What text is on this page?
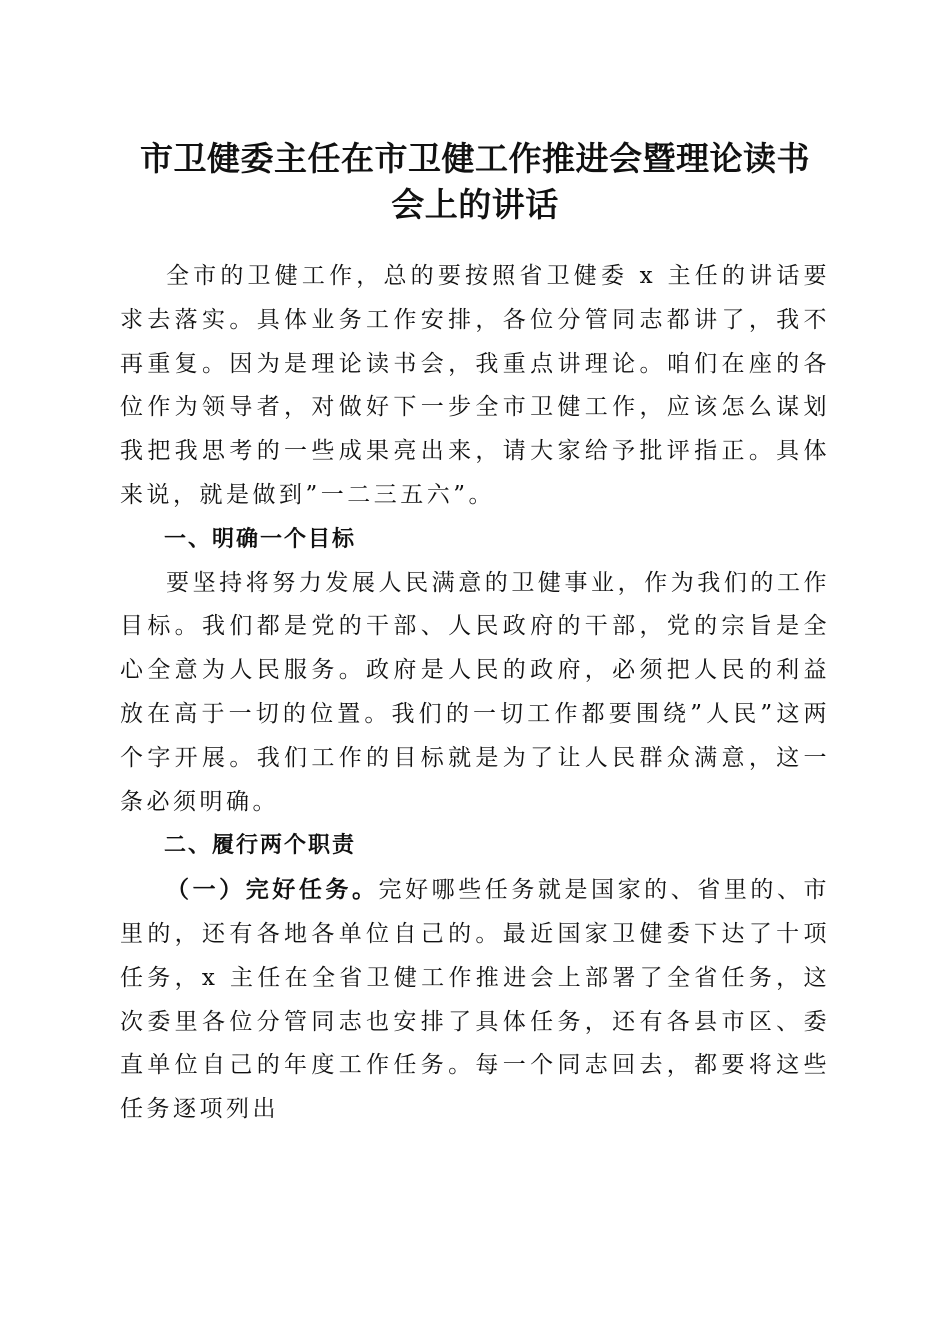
市卫健委主任在市卫健工作推进会暨理论读书
会上的讲话

全市的卫健工作，总的要按照省卫健委 x 主任的讲话要求去落实。具体业务工作安排，各位分管同志都讲了，我不再重复。因为是理论读书会，我重点讲理论。咱们在座的各位作为领导者，对做好下一步全市卫健工作，应该怎么谋划我把我思考的一些成果亮出来，请大家给予批评指正。具体来说，就是做到”一二三五六”。

一、明确一个目标

要坚持将努力发展人民满意的卫健事业，作为我们的工作目标。我们都是党的干部、人民政府的干部，党的宗旨是全心全意为人民服务。政府是人民的政府，必须把人民的利益放在高于一切的位置。我们的一切工作都要围绕”人民”这两个字开展。我们工作的目标就是为了让人民群众满意，这一条必须明确。

二、履行两个职责

（一）完好任务。完好哪些任务就是国家的、省里的、市里的，还有各地各单位自己的。最近国家卫健委下达了十项任务，x 主任在全省卫健工作推进会上部署了全省任务，这次委里各位分管同志也安排了具体任务，还有各县市区、委直单位自己的年度工作任务。每一个同志回去，都要将这些任务逐项列出
